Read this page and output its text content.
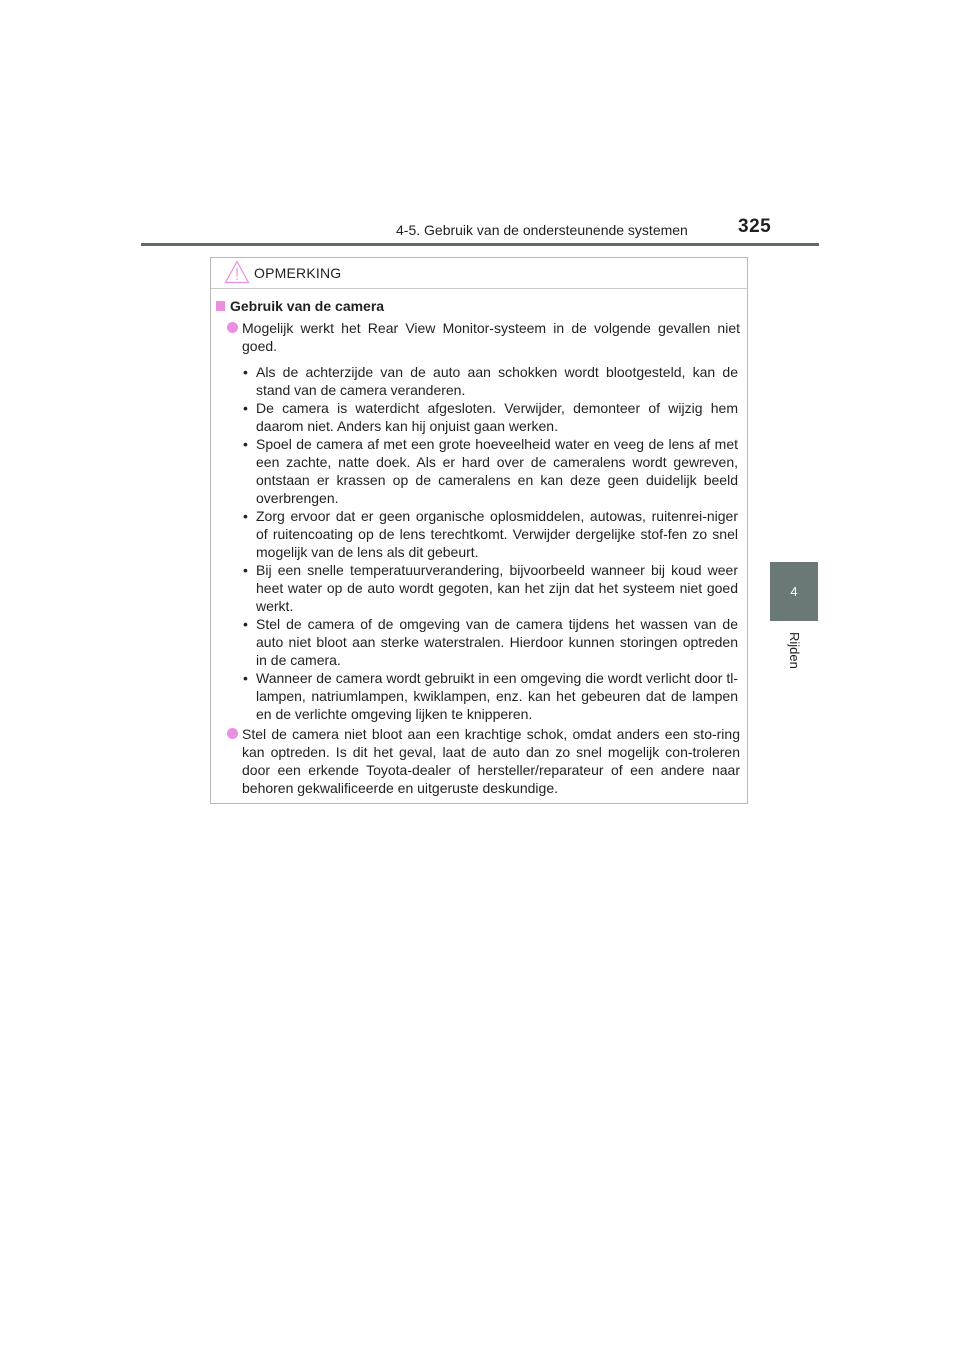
4-5. Gebruik van de ondersteunende systemen	325
4
Rijden
OPMERKING
Gebruik van de camera
Mogelijk werkt het Rear View Monitor-systeem in de volgende gevallen niet goed.
• Als de achterzijde van de auto aan schokken wordt blootgesteld, kan de stand van de camera veranderen.
• De camera is waterdicht afgesloten. Verwijder, demonteer of wijzig hem daarom niet. Anders kan hij onjuist gaan werken.
• Spoel de camera af met een grote hoeveelheid water en veeg de lens af met een zachte, natte doek. Als er hard over de cameralens wordt gewreven, ontstaan er krassen op de cameralens en kan deze geen duidelijk beeld overbrengen.
• Zorg ervoor dat er geen organische oplosmiddelen, autowas, ruitenrei-niger of ruitencoating op de lens terechtkomt. Verwijder dergelijke stof-fen zo snel mogelijk van de lens als dit gebeurt.
• Bij een snelle temperatuurverandering, bijvoorbeeld wanneer bij koud weer heet water op de auto wordt gegoten, kan het zijn dat het systeem niet goed werkt.
• Stel de camera of de omgeving van de camera tijdens het wassen van de auto niet bloot aan sterke waterstralen. Hierdoor kunnen storingen optreden in de camera.
• Wanneer de camera wordt gebruikt in een omgeving die wordt verlicht door tl-lampen, natriumlampen, kwiklampen, enz. kan het gebeuren dat de lampen en de verlichte omgeving lijken te knipperen.
Stel de camera niet bloot aan een krachtige schok, omdat anders een sto-ring kan optreden. Is dit het geval, laat de auto dan zo snel mogelijk con-troleren door een erkende Toyota-dealer of hersteller/reparateur of een andere naar behoren gekwalificeerde en uitgeruste deskundige.
